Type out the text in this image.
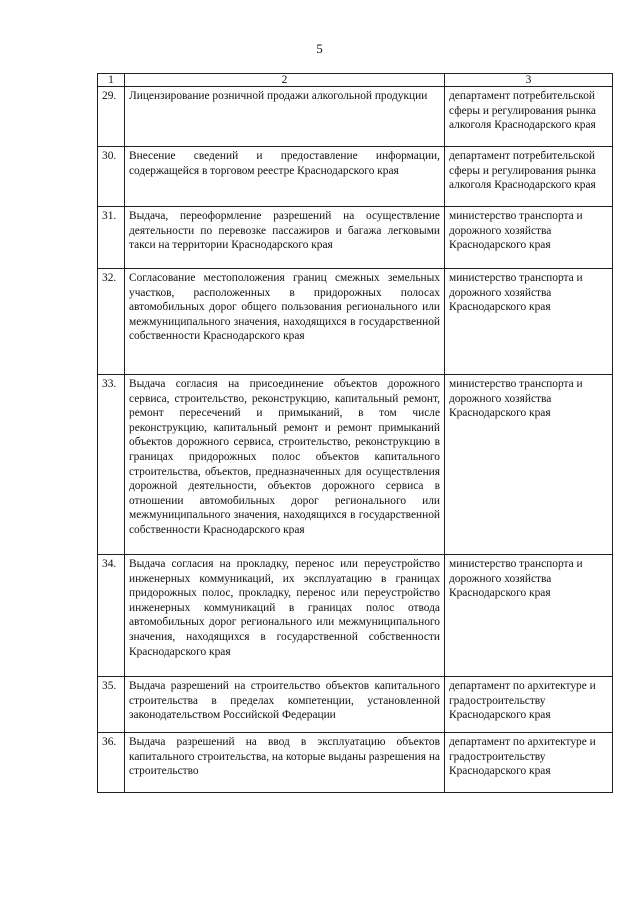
5
1	2	3
29.	Лицензирование розничной продажи алкогольной продукции	департамент потребительской сферы и регулирования рынка алкоголя Краснодарского края
30.	Внесение сведений и предоставление информации, содержащейся в торговом реестре Краснодарского края	департамент потребительской сферы и регулирования рынка алкоголя Краснодарского края
31.	Выдача, переоформление разрешений на осуществление деятельности по перевозке пассажиров и багажа легковыми такси на территории Краснодарского края	министерство транспорта и дорожного хозяйства Краснодарского края
32.	Согласование местоположения границ смежных земельных участков, расположенных в придорожных полосах автомобильных дорог общего пользования регионального или межмуниципального значения, находящихся в государственной собственности Краснодарского края	министерство транспорта и дорожного хозяйства Краснодарского края
33.	Выдача согласия на присоединение объектов дорожного сервиса, строительство, реконструкцию, капитальный ремонт, ремонт пересечений и примыканий, в том числе реконструкцию, капитальный ремонт и ремонт примыканий объектов дорожного сервиса, строительство, реконструкцию в границах придорожных полос объектов капитального строительства, объектов, предназначенных для осуществления дорожной деятельности, объектов дорожного сервиса в отношении автомобильных дорог регионального или межмуниципального значения, находящихся в государственной собственности Краснодарского края	министерство транспорта и дорожного хозяйства Краснодарского края
34.	Выдача согласия на прокладку, перенос или переустройство инженерных коммуникаций, их эксплуатацию в границах придорожных полос, прокладку, перенос или переустройство инженерных коммуникаций в границах полос отвода автомобильных дорог регионального или межмуниципального значения, находящихся в государственной собственности Краснодарского края	министерство транспорта и дорожного хозяйства Краснодарского края
35.	Выдача разрешений на строительство объектов капитального строительства в пределах компетенции, установленной законодательством Российской Федерации	департамент по архитектуре и градостроительству Краснодарского края
36.	Выдача разрешений на ввод в эксплуатацию объектов капитального строительства, на которые выданы разрешения на строительство	департамент по архитектуре и градостроительству Краснодарского края
